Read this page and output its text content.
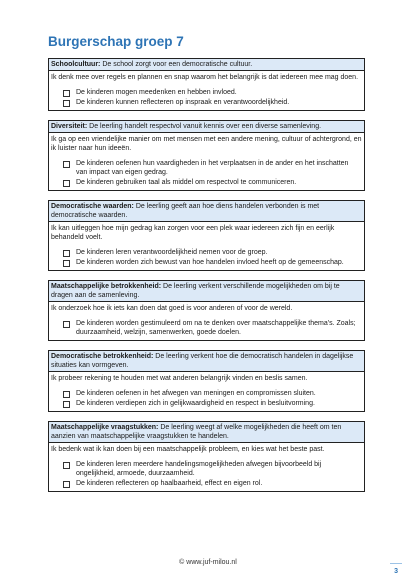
Burgerschap groep 7
Schoolcultuur: De school zorgt voor een democratische cultuur.
Ik denk mee over regels en plannen en snap waarom het belangrijk is dat iedereen mee mag doen.
De kinderen mogen meedenken en hebben invloed.
De kinderen kunnen reflecteren op inspraak en verantwoordelijkheid.
Diversiteit: De leerling handelt respectvol vanuit kennis over een diverse samenleving.
Ik ga op een vriendelijke manier om met mensen met een andere mening, cultuur of achtergrond, en ik luister naar hun ideeën.
De kinderen oefenen hun vaardigheden in het verplaatsen in de ander en het inschatten van impact van eigen gedrag.
De kinderen gebruiken taal als middel om respectvol te communiceren.
Democratische waarden: De leerling geeft aan hoe diens handelen verbonden is met democratische waarden.
Ik kan uitleggen hoe mijn gedrag kan zorgen voor een plek waar iedereen zich fijn en eerlijk behandeld voelt.
De kinderen leren verantwoordelijkheid nemen voor de groep.
De kinderen worden zich bewust van hoe handelen invloed heeft op de gemeenschap.
Maatschappelijke betrokkenheid: De leerling verkent verschillende mogelijkheden om bij te dragen aan de samenleving.
Ik onderzoek hoe ik iets kan doen dat goed is voor anderen of voor de wereld.
De kinderen worden gestimuleerd om na te denken over maatschappelijke thema's. Zoals; duurzaamheid, welzijn, samenwerken, goede doelen.
Democratische betrokkenheid: De leerling verkent hoe die democratisch handelen in dagelijkse situaties kan vormgeven.
Ik probeer rekening te houden met wat anderen belangrijk vinden en beslis samen.
De kinderen oefenen in het afwegen van meningen en compromissen sluiten.
De kinderen verdiepen zich in gelijkwaardigheid en respect in besluitvorming.
Maatschappelijke vraagstukken: De leerling weegt af welke mogelijkheden die heeft om ten aanzien van maatschappelijke vraagstukken te handelen.
Ik bedenk wat ik kan doen bij een maatschappelijk probleem, en kies wat het beste past.
De kinderen leren meerdere handelingsmogelijkheden afwegen bijvoorbeeld bij ongelijkheid, armoede, duurzaamheid.
De kinderen reflecteren op haalbaarheid, effect en eigen rol.
© www.juf-milou.nl
3
